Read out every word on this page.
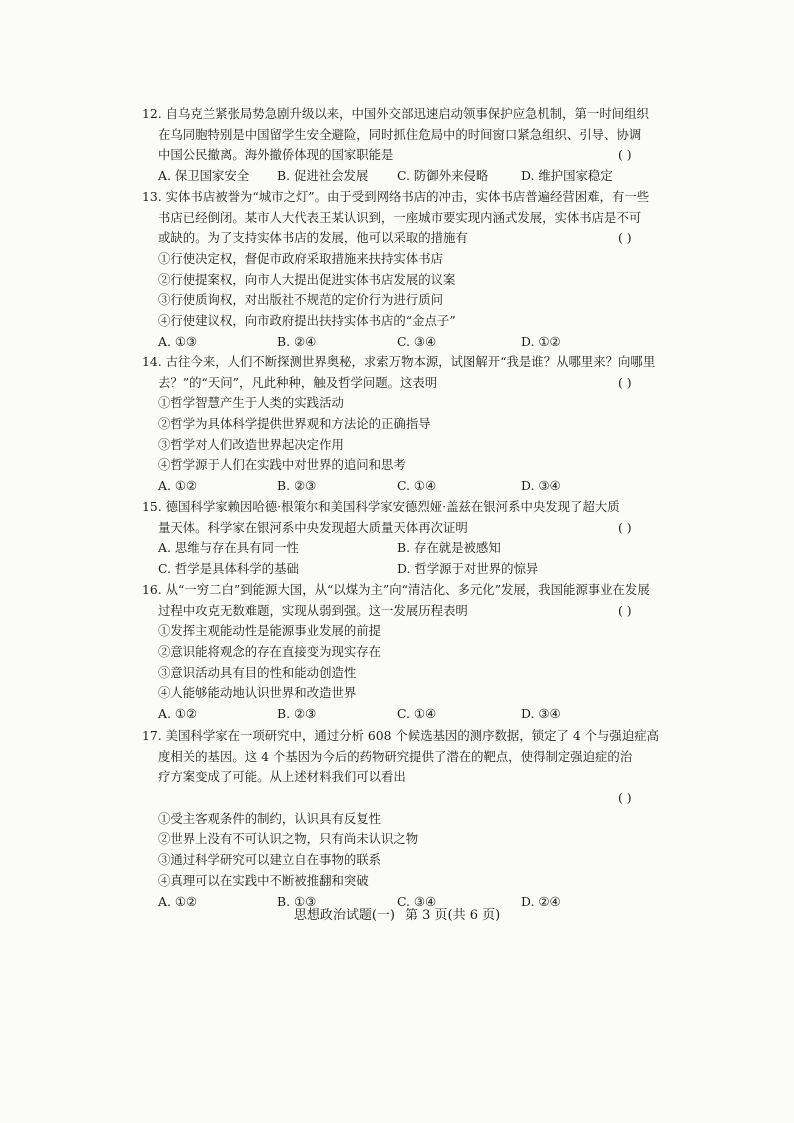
12. 自乌克兰紧张局势急剧升级以来，中国外交部迅速启动领事保护应急机制，第一时间组织
在乌同胞特别是中国留学生安全避险，同时抓住危局中的时间窗口紧急组织、引导、协调
中国公民撤离。海外撤侨体现的国家职能是	( )
A. 保卫国家安全 B. 促进社会发展 C. 防御外来侵略	D. 维护国家稳定
13. 实体书店被誉为“城市之灯”。由于受到网络书店的冲击，实体书店普遍经营困难，有一些
书店已经倒闭。某市人大代表王某认识到，一座城市要实现内涵式发展，实体书店是不可
或缺的。为了支持实体书店的发展，他可以采取的措施有	( )
①行使决定权，督促市政府采取措施来扶持实体书店
②行使提案权，向市人大提出促进实体书店发展的议案
③行使质询权，对出版社不规范的定价行为进行质问
④行使建议权，向市政府提出扶持实体书店的“金点子”
A. ①③	B. ②④	C. ③④	D. ①②
14. 古往今来，人们不断探测世界奥秘，求索万物本源，试图解开“我是谁？从哪里来？向哪里
去？”的“天问”，凡此种种，触及哲学问题。这表明	( )
①哲学智慧产生于人类的实践活动
②哲学为具体科学提供世界观和方法论的正确指导
③哲学对人们改造世界起决定作用
④哲学源于人们在实践中对世界的追问和思考
A. ①②	B. ②③	C. ①④	D. ③④
15. 德国科学家赖因哈德·根策尔和美国科学家安德烈娅·盖兹在银河系中央发现了超大质
量天体。科学家在银河系中央发现超大质量天体再次证明	( )
A. 思维与存在具有同一性	B. 存在就是被感知
C. 哲学是具体科学的基础	D. 哲学源于对世界的惊异
16. 从“一穷二白”到能源大国，从“以煤为主”向“清洁化、多元化”发展，我国能源事业在发展
过程中攻克无数难题，实现从弱到强。这一发展历程表明	( )
①发挥主观能动性是能源事业发展的前提
②意识能将观念的存在直接变为现实存在
③意识活动具有目的性和能动创造性
④人能够能动地认识世界和改造世界
A. ①②	B. ②③	C. ①④	D. ③④
17. 美国科学家在一项研究中，通过分析 608 个候选基因的测序数据，锁定了 4 个与强迫症高
度相关的基因。这 4 个基因为今后的药物研究提供了潜在的靶点，使得制定强迫症的治
疗方案变成了可能。从上述材料我们可以看出
( )
①受主客观条件的制约，认识具有反复性
②世界上没有不可认识之物，只有尚未认识之物
③通过科学研究可以建立自在事物的联系
④真理可以在实践中不断被推翻和突破
A. ①②	B. ①③	C. ③④	D. ②④
思想政治试题(一) 第 3 页(共 6 页)
